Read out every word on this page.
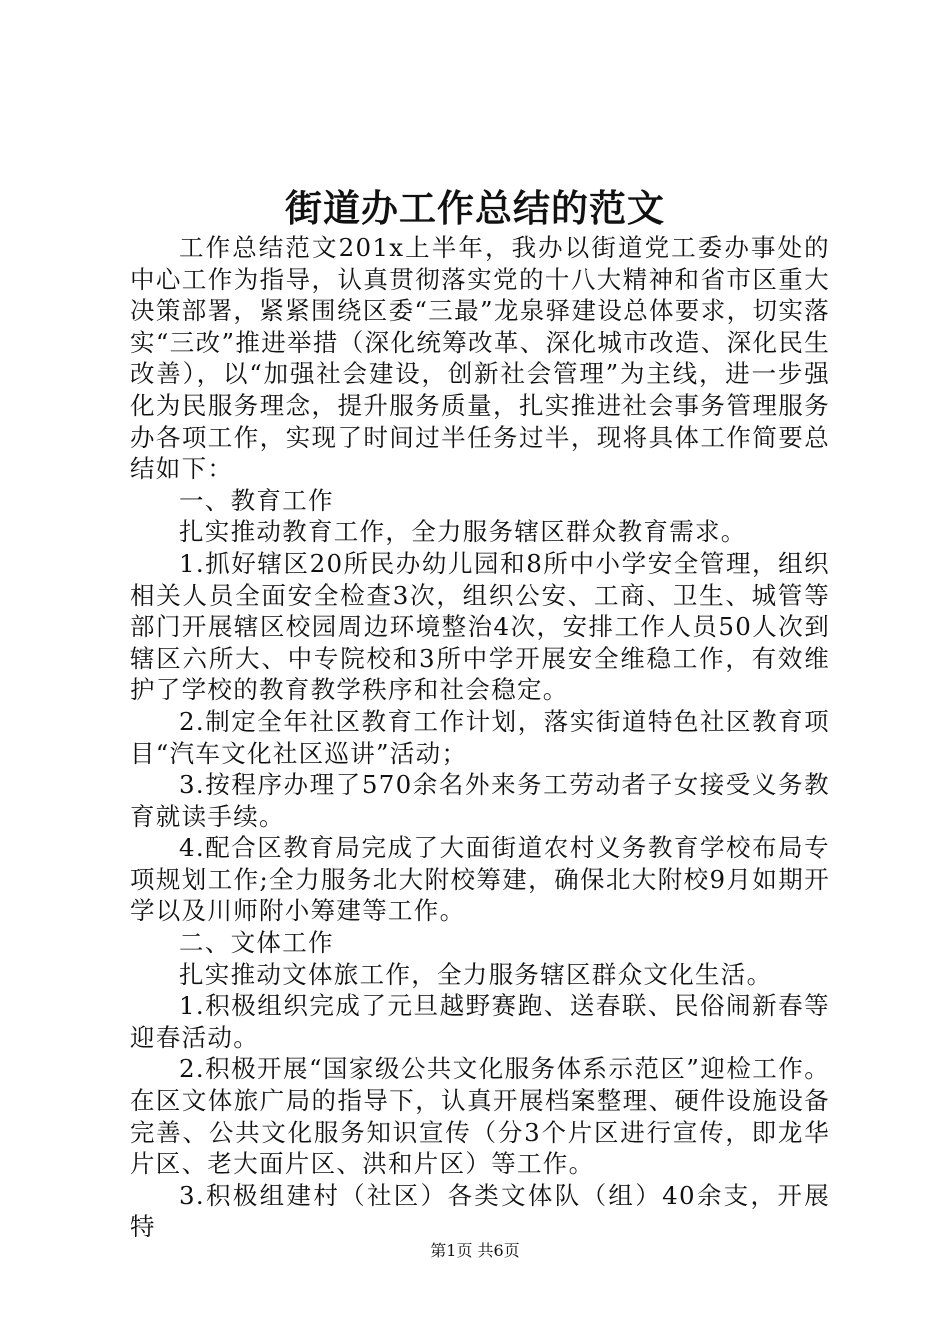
街道办工作总结的范文

工作总结范文201x上半年，我办以街道党工委办事处的中心工作为指导，认真贯彻落实党的十八大精神和省市区重大决策部署，紧紧围绕区委“三最”龙泉驿建设总体要求，切实落实“三改”推进举措（深化统筹改革、深化城市改造、深化民生改善），以“加强社会建设，创新社会管理”为主线，进一步强化为民服务理念，提升服务质量，扎实推进社会事务管理服务办各项工作，实现了时间过半任务过半，现将具体工作简要总结如下：

一、教育工作

扎实推动教育工作，全力服务辖区群众教育需求。

1.抓好辖区20所民办幼儿园和8所中小学安全管理，组织相关人员全面安全检查3次，组织公安、工商、卫生、城管等部门开展辖区校园周边环境整治4次，安排工作人员50人次到辖区六所大、中专院校和3所中学开展安全维稳工作，有效维护了学校的教育教学秩序和社会稳定。

2.制定全年社区教育工作计划，落实街道特色社区教育项目“汽车文化社区巡讲”活动；

3.按程序办理了570余名外来务工劳动者子女接受义务教育就读手续。

4.配合区教育局完成了大面街道农村义务教育学校布局专项规划工作;全力服务北大附校筹建，确保北大附校9月如期开学以及川师附小筹建等工作。

二、文体工作

扎实推动文体旅工作，全力服务辖区群众文化生活。

1.积极组织完成了元旦越野赛跑、送春联、民俗闹新春等迎春活动。

2.积极开展“国家级公共文化服务体系示范区”迎检工作。在区文体旅广局的指导下，认真开展档案整理、硬件设施设备完善、公共文化服务知识宣传（分3个片区进行宣传，即龙华片区、老大面片区、洪和片区）等工作。

3.积极组建村（社区）各类文体队（组）40余支，开展特

第1页 共6页
